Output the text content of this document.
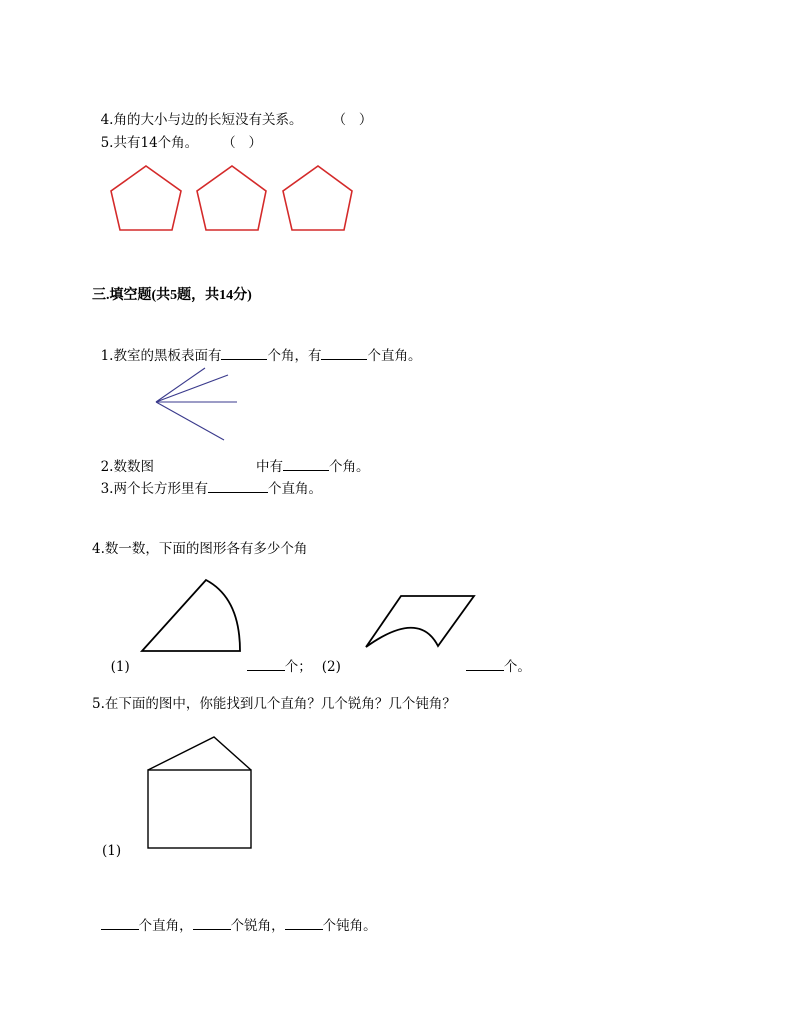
4.角的大小与边的长短没有关系。 （   ）

5.共有14个角。 （   ）

三.填空题(共5题，共14分)

1.教室的黑板表面有	个角，有	个直角。

2.数数图	中有	个角。

3.两个长方形里有	个直角。

4.数一数，下面的图形各有多少个角

(1)	个； (2)	个。

5.在下面的图中，你能找到几个直角？几个锐角？几个钝角？
(1)

个直角，	个锐角，	个钝角。
